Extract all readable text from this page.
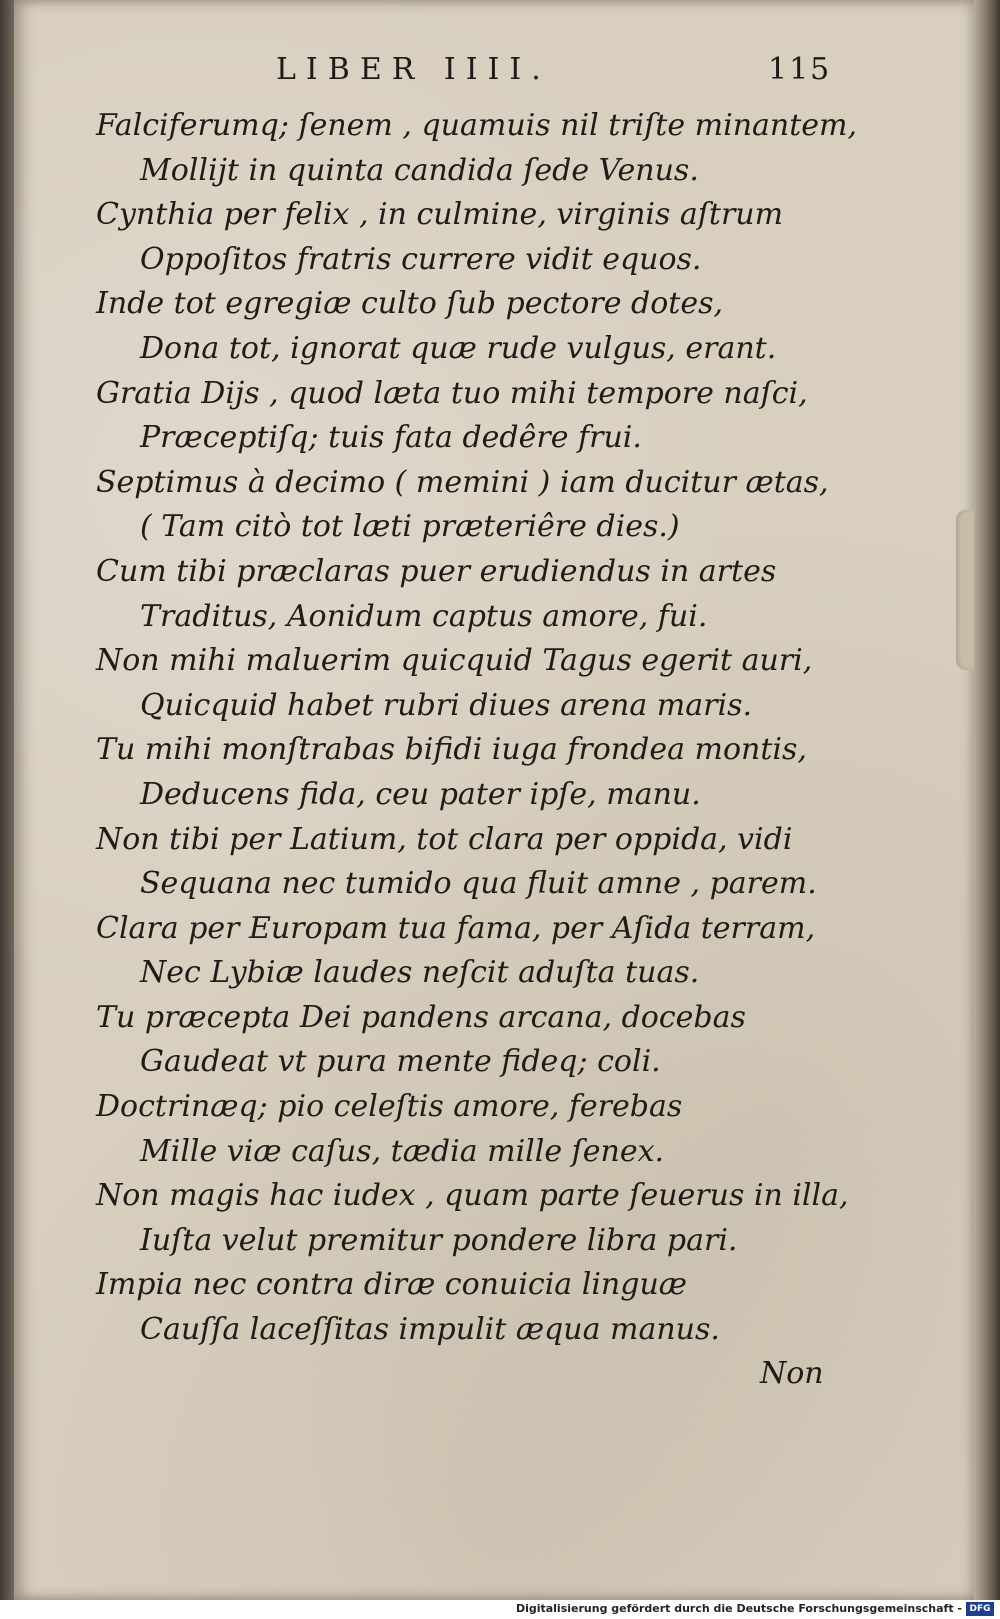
LIBER IIII.	115
Falciferumq; ſenem , quamuis nil triſte minantem,
Mollijt in quinta candida ſede Venus.
Cynthia per felix , in culmine, virginis aſtrum
Oppoſitos fratris currere vidit equos.
Inde tot egregiæ culto ſub pectore dotes,
Dona tot, ignorat quæ rude vulgus, erant.
Gratia Dijs , quod læta tuo mihi tempore naſci,
Præceptiſq; tuis fata dedêre frui.
Septimus à decimo ( memini ) iam ducitur ætas,
( Tam citò tot læti præteriêre dies.)
Cum tibi præclaras puer erudiendus in artes
Traditus, Aonidum captus amore, fui.
Non mihi maluerim quicquid Tagus egerit auri,
Quicquid habet rubri diues arena maris.
Tu mihi monſtrabas bifidi iuga frondea montis,
Deducens fida, ceu pater ipſe, manu.
Non tibi per Latium, tot clara per oppida, vidi
Sequana nec tumido qua fluit amne , parem.
Clara per Europam tua fama, per Aſida terram,
Nec Lybiæ laudes neſcit aduſta tuas.
Tu præcepta Dei pandens arcana, docebas
Gaudeat vt pura mente fideq; coli.
Doctrinæq; pio celeſtis amore, ferebas
Mille viæ caſus, tædia mille ſenex.
Non magis hac iudex , quam parte ſeuerus in illa,
Iuſta velut premitur pondere libra pari.
Impia nec contra diræ conuicia linguæ
Cauſſa laceſſitas impulit æqua manus.
Non
Digitalisierung gefördert durch die Deutsche Forschungsgemeinschaft - DFG
